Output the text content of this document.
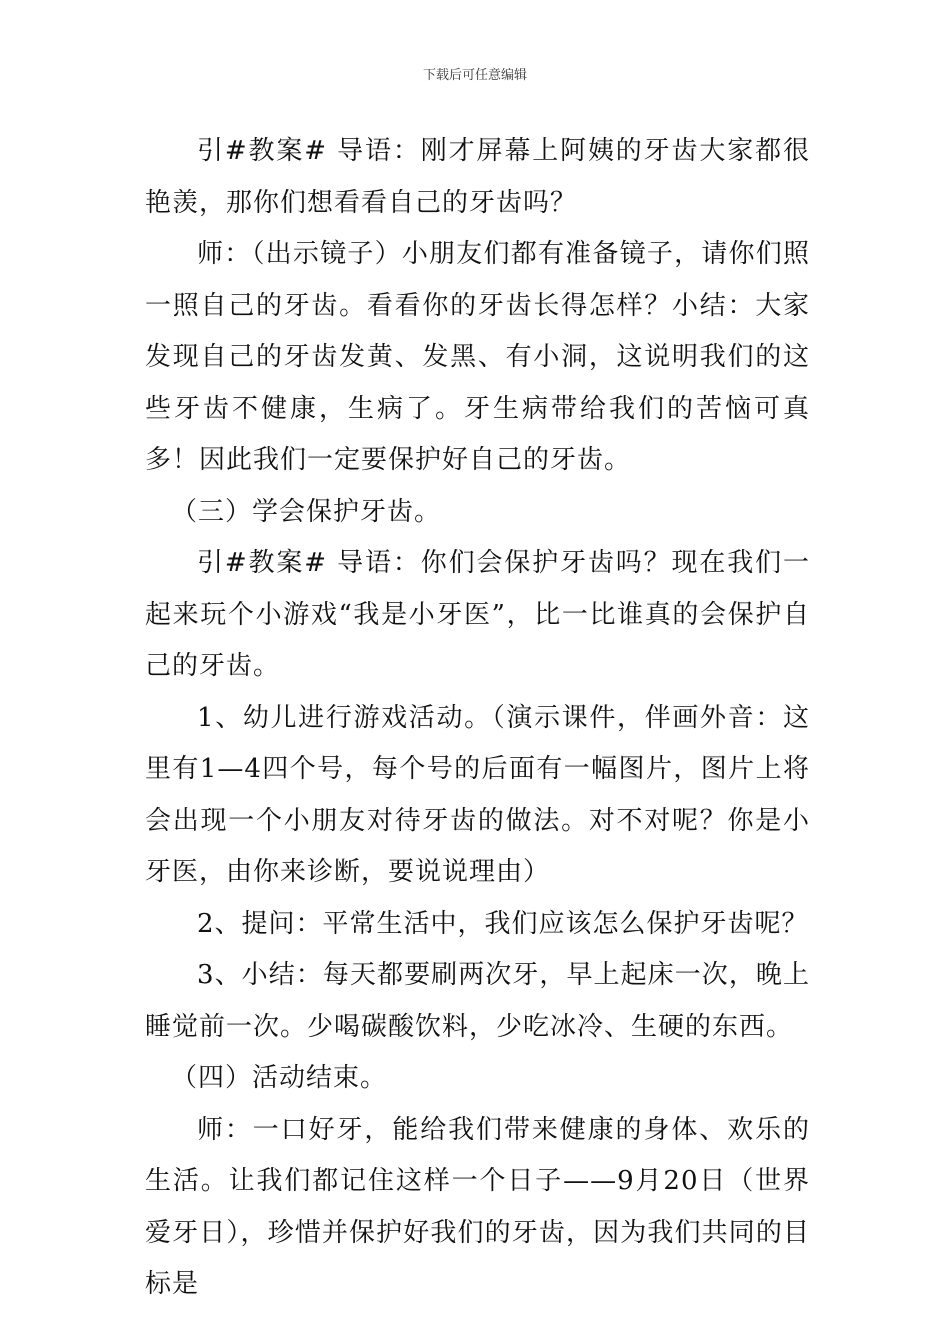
下载后可任意编辑

引#教案# 导语：刚才屏幕上阿姨的牙齿大家都很艳羡，那你们想看看自己的牙齿吗？

师：（出示镜子）小朋友们都有准备镜子，请你们照一照自己的牙齿。看看你的牙齿长得怎样？小结：大家发现自己的牙齿发黄、发黑、有小洞，这说明我们的这些牙齿不健康，生病了。牙生病带给我们的苦恼可真多！因此我们一定要保护好自己的牙齿。

（三）学会保护牙齿。

引#教案# 导语：你们会保护牙齿吗？现在我们一起来玩个小游戏“我是小牙医”，比一比谁真的会保护自己的牙齿。

1、幼儿进行游戏活动。（演示课件，伴画外音：这里有1—4四个号，每个号的后面有一幅图片，图片上将会出现一个小朋友对待牙齿的做法。对不对呢？你是小牙医，由你来诊断，要说说理由）

2、提问：平常生活中，我们应该怎么保护牙齿呢？

3、小结：每天都要刷两次牙，早上起床一次，晚上睡觉前一次。少喝碳酸饮料，少吃冰冷、生硬的东西。

（四）活动结束。

师：一口好牙，能给我们带来健康的身体、欢乐的生活。让我们都记住这样一个日子——9月20日（世界爱牙日），珍惜并保护好我们的牙齿，因为我们共同的目标是
